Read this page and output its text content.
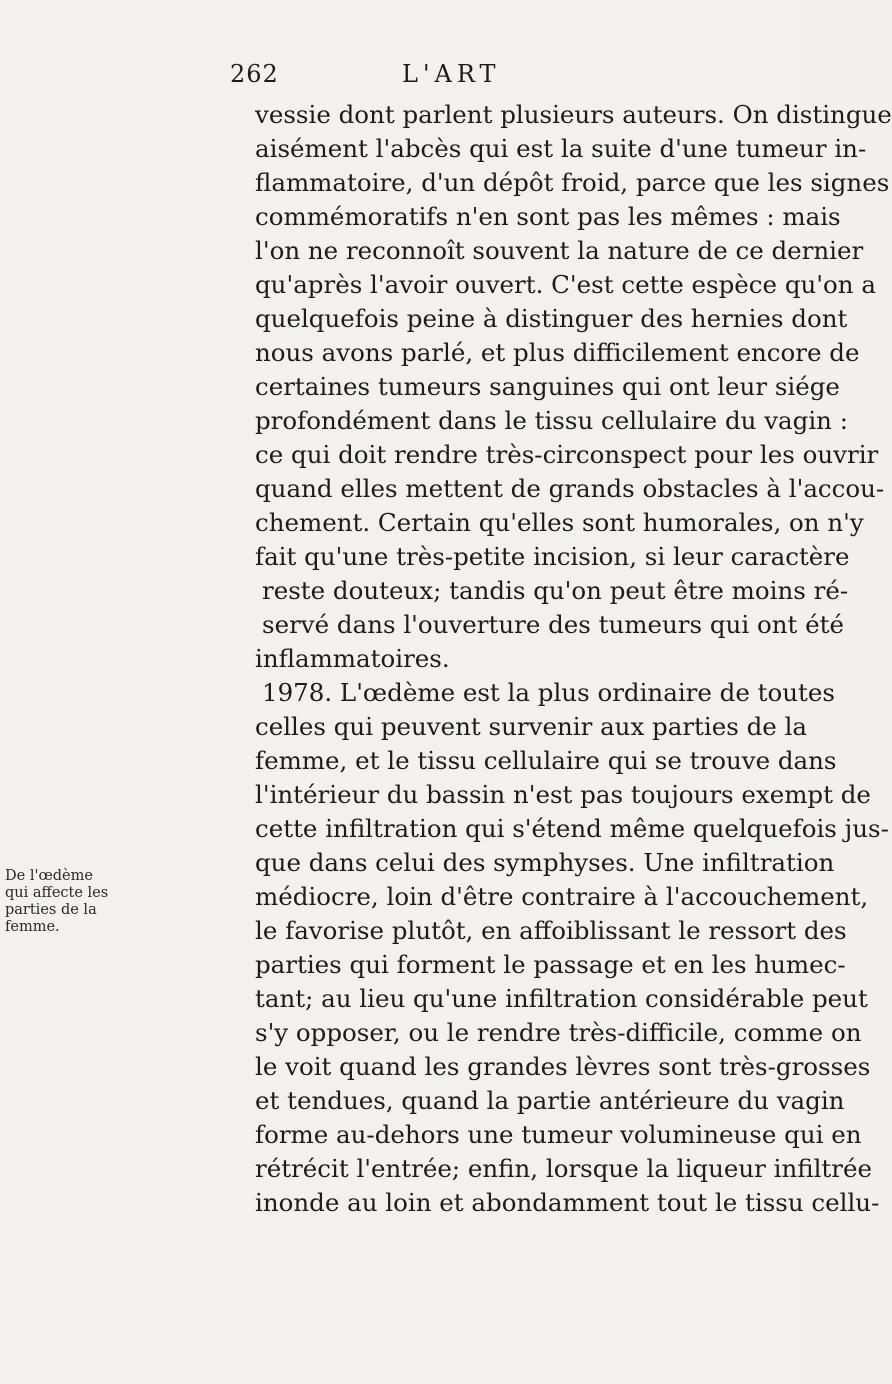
262	L'ART
De l'œdème
qui affecte les
parties de la
femme.
vessie dont parlent plusieurs auteurs. On distingue
aisément l'abcès qui est la suite d'une tumeur in-
flammatoire, d'un dépôt froid, parce que les signes
commémoratifs n'en sont pas les mêmes : mais
l'on ne reconnoît souvent la nature de ce dernier
qu'après l'avoir ouvert. C'est cette espèce qu'on a
quelquefois peine à distinguer des hernies dont
nous avons parlé, et plus difficilement encore de
certaines tumeurs sanguines qui ont leur siége
profondément dans le tissu cellulaire du vagin :
ce qui doit rendre très-circonspect pour les ouvrir
quand elles mettent de grands obstacles à l'accou-
chement. Certain qu'elles sont humorales, on n'y
fait qu'une très-petite incision, si leur caractère
reste douteux; tandis qu'on peut être moins ré-
servé dans l'ouverture des tumeurs qui ont été
inflammatoires.
1978. L'œdème est la plus ordinaire de toutes
celles qui peuvent survenir aux parties de la
femme, et le tissu cellulaire qui se trouve dans
l'intérieur du bassin n'est pas toujours exempt de
cette infiltration qui s'étend même quelquefois jus-
que dans celui des symphyses. Une infiltration
médiocre, loin d'être contraire à l'accouchement,
le favorise plutôt, en affoiblissant le ressort des
parties qui forment le passage et en les humec-
tant; au lieu qu'une infiltration considérable peut
s'y opposer, ou le rendre très-difficile, comme on
le voit quand les grandes lèvres sont très-grosses
et tendues, quand la partie antérieure du vagin
forme au-dehors une tumeur volumineuse qui en
rétrécit l'entrée; enfin, lorsque la liqueur infiltrée
inonde au loin et abondamment tout le tissu cellu-
